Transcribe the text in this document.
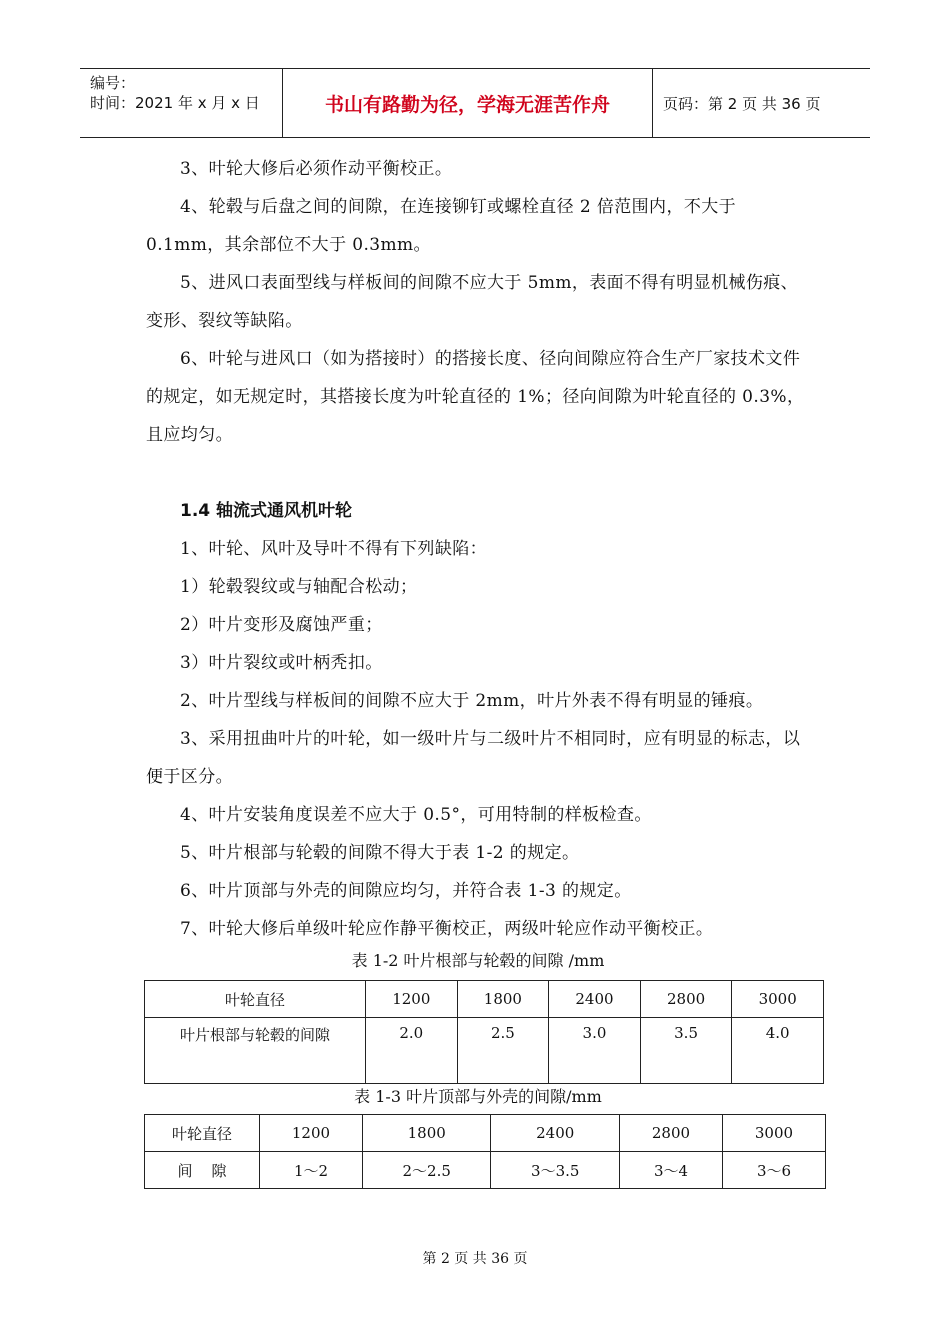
编号：
时间：2021 年 x 月 x 日	书山有路勤为径，学海无涯苦作舟	页码：第 2 页 共 36 页

3、叶轮大修后必须作动平衡校正。

4、轮毂与后盘之间的间隙，在连接铆钉或螺栓直径 2 倍范围内，不大于 0.1mm，其余部位不大于 0.3mm。

5、进风口表面型线与样板间的间隙不应大于 5mm，表面不得有明显机械伤痕、变形、裂纹等缺陷。

6、叶轮与进风口（如为搭接时）的搭接长度、径向间隙应符合生产厂家技术文件的规定，如无规定时，其搭接长度为叶轮直径的 1%；径向间隙为叶轮直径的 0.3%，且应均匀。

1.4 轴流式通风机叶轮

1、叶轮、风叶及导叶不得有下列缺陷：

1）轮毂裂纹或与轴配合松动；

2）叶片变形及腐蚀严重；

3）叶片裂纹或叶柄秃扣。

2、叶片型线与样板间的间隙不应大于 2mm，叶片外表不得有明显的锤痕。

3、采用扭曲叶片的叶轮，如一级叶片与二级叶片不相同时，应有明显的标志，以便于区分。

4、叶片安装角度误差不应大于 0.5°，可用特制的样板检查。

5、叶片根部与轮毂的间隙不得大于表 1-2 的规定。

6、叶片顶部与外壳的间隙应均匀，并符合表 1-3 的规定。

7、叶轮大修后单级叶轮应作静平衡校正，两级叶轮应作动平衡校正。

表 1-2 叶片根部与轮毂的间隙 /mm

叶轮直径	1200	1800	2400	2800	3000
叶片根部与轮毂的间隙	2.0	2.5	3.0	3.5	4.0

表 1-3 叶片顶部与外壳的间隙/mm

叶轮直径	1200	1800	2400	2800	3000
间    隙	1～2	2～2.5	3～3.5	3～4	3～6
第 2 页 共 36 页
